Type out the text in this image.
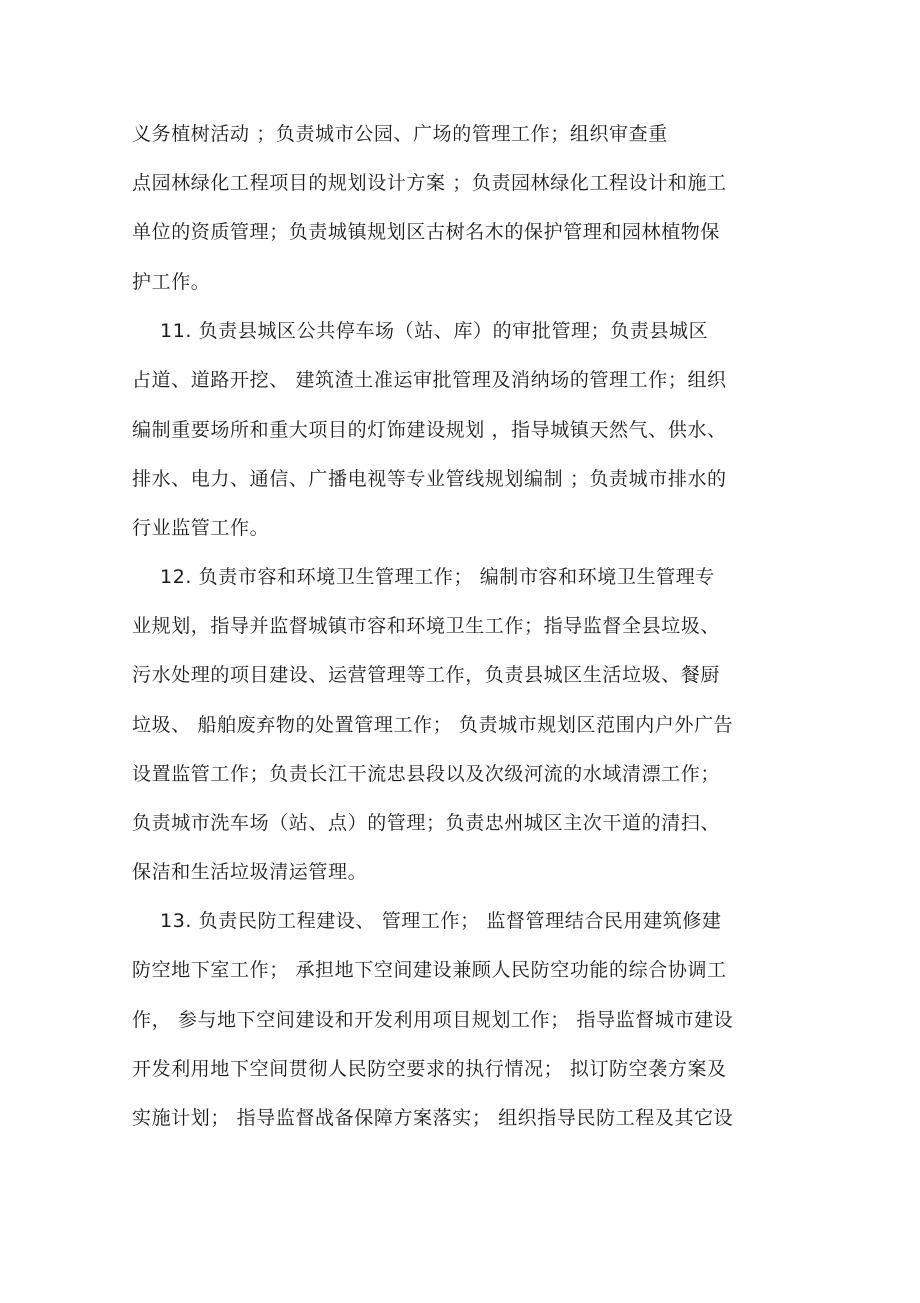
义务植树活动 ；负责城市公园、广场的管理工作；组织审查重
点园林绿化工程项目的规划设计方案 ；负责园林绿化工程设计和施工
单位的资质管理；负责城镇规划区古树名木的保护管理和园林植物保
护工作。
11. 负责县城区公共停车场（站、库）的审批管理；负责县城区
占道、道路开挖、 建筑渣土准运审批管理及消纳场的管理工作；组织
编制重要场所和重大项目的灯饰建设规划 ，指导城镇天然气、供水、
排水、电力、通信、广播电视等专业管线规划编制 ；负责城市排水的
行业监管工作。
12. 负责市容和环境卫生管理工作； 编制市容和环境卫生管理专
业规划，指导并监督城镇市容和环境卫生工作；指导监督全县垃圾、
污水处理的项目建设、运营管理等工作，负责县城区生活垃圾、餐厨
垃圾、 船舶废弃物的处置管理工作； 负责城市规划区范围内户外广告
设置监管工作；负责长江干流忠县段以及次级河流的水域清漂工作；
负责城市洗车场（站、点）的管理；负责忠州城区主次干道的清扫、
保洁和生活垃圾清运管理。
13. 负责民防工程建设、 管理工作； 监督管理结合民用建筑修建
防空地下室工作； 承担地下空间建设兼顾人民防空功能的综合协调工
作， 参与地下空间建设和开发利用项目规划工作； 指导监督城市建设
开发利用地下空间贯彻人民防空要求的执行情况； 拟订防空袭方案及
实施计划； 指导监督战备保障方案落实； 组织指导民防工程及其它设
